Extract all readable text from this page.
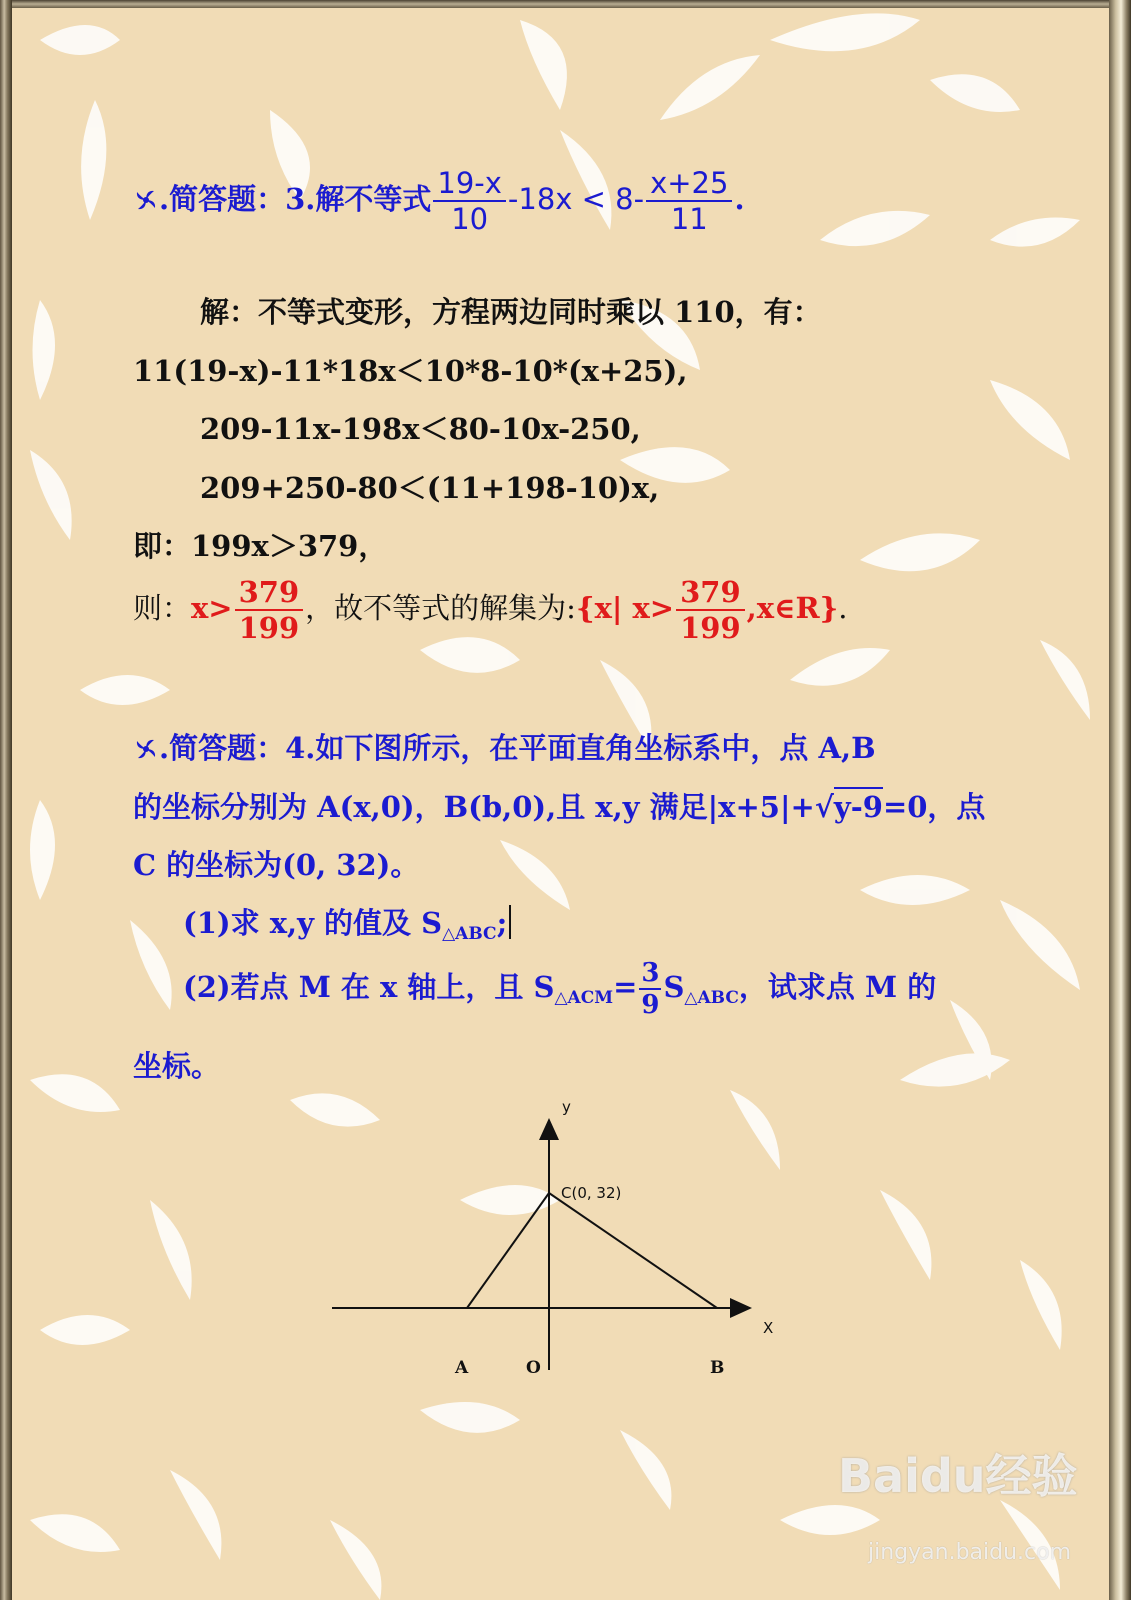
.简答题：3.解不等式 $\frac{19-x}{10} -18x < 8- \frac{x+25}{11}$ .
解：不等式变形，方程两边同时乘以 110，有：
11(19-x)-11*18x＜10*8-10*(x+25),
209-11x-198x＜80-10x-250,
209+250-80＜(11+198-10)x,
即：199x＞379，
则：$x> \frac{379}{199}$ ，故不等式的解集为:{x| $x> \frac{379}{199}$ ,x∈R}.
.简答题：4.如下图所示，在平面直角坐标系中，点 A,B
的坐标分别为 A(x,0)，B(b,0),且 x,y 满足|x+5|+√y-9=0，点
C 的坐标为(0, 32)。
(1)求 x,y 的值及 $S_{\triangle ABC}$;
(2)若点 M 在 x 轴上，且 $S_{\triangle ACM}= \frac{3}{9} S_{\triangle ABC}$，试求点 M 的
坐标。
y
X
C(0, 32)
A	O	B
Baidu经验
jingyan.baidu.com
